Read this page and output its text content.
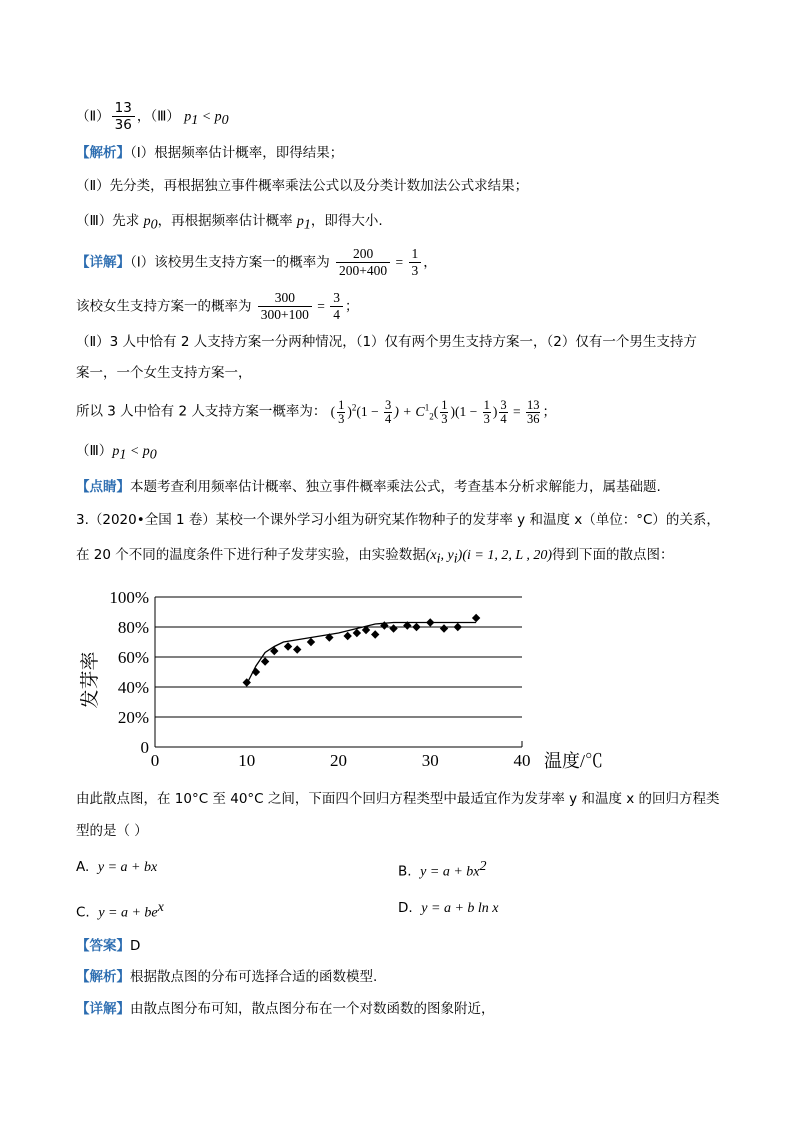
（Ⅱ） $\frac{13}{36}$ ，（Ⅲ） $p_1 < p_0$
【解析】（Ⅰ）根据频率估计概率，即得结果；
（Ⅱ）先分类，再根据独立事件概率乘法公式以及分类计数加法公式求结果；
（Ⅲ）先求 $p_0$，再根据频率估计概率 $p_1$，即得大小.
【详解】（Ⅰ）该校男生支持方案一的概率为 $\frac{200}{200+400} = \frac{1}{3}$ ，
该校女生支持方案一的概率为 $\frac{300}{300+100} = \frac{3}{4}$ ；
（Ⅱ）3 人中恰有 2 人支持方案一分两种情况，（1）仅有两个男生支持方案一，（2）仅有一个男生支持方
案一，一个女生支持方案一，
所以 3 人中恰有 2 人支持方案一概率为： ( $\frac{1}{3} )^2(1 - \frac{3}{4}$ ) + $C^1_2( \frac{1}{3} )(1 - \frac{1}{3}$ ) $\frac{3}{4} = \frac{13}{36}$ ；
$(Ⅲ)p_1 < p_0$
【点睛】本题考查利用频率估计概率、独立事件概率乘法公式，考查基本分析求解能力，属基础题.
3.（2020•全国 1 卷）某校一个课外学习小组为研究某作物种子的发芽率 y 和温度 x（单位：°C）的关系，
在 20 个不同的温度条件下进行种子发芽实验，由实验数据($x_i$, $y_i)(i = 1$, 2, L , 20)得到下面的散点图：
0
20%
40%
60%
80%
100%
0	10	20	30	40
发芽率
温度/℃
由此散点图，在 10°C 至 40°C 之间，下面四个回归方程类型中最适宜作为发芽率 y 和温度 x 的回归方程类
型的是（ ）
A. y = a + bx	B. $y = a + bx^2$
C. $y = a + be^x$	D. y = a + b ln x
【答案】D
【解析】根据散点图的分布可选择合适的函数模型.
【详解】由散点图分布可知，散点图分布在一个对数函数的图象附近，
